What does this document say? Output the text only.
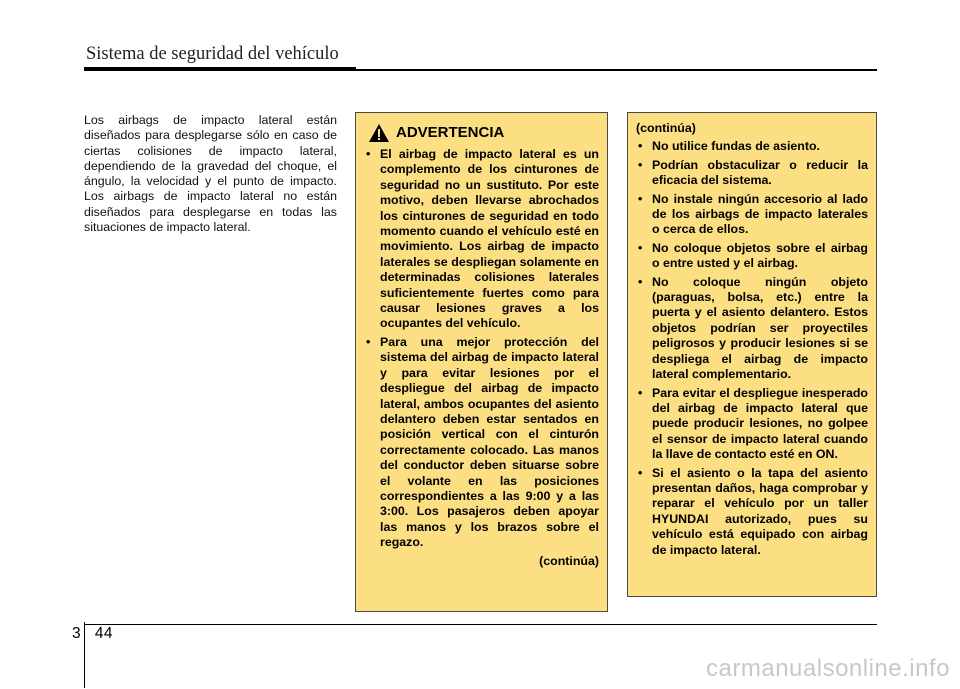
Sistema de seguridad del vehículo
Los airbags de impacto lateral están diseñados para desplegarse sólo en caso de ciertas colisiones de impacto lateral, dependiendo de la gravedad del choque, el ángulo, la velocidad y el punto de impacto. Los airbags de impacto lateral no están diseñados para desplegarse en todas las situaciones de impacto lateral.
ADVERTENCIA
• El airbag de impacto lateral es un complemento de los cinturones de seguridad no un sustituto. Por este motivo, deben llevarse abrochados los cinturones de seguridad en todo momento cuando el vehículo esté en movimiento. Los airbag de impacto laterales se despliegan solamente en determinadas colisiones laterales suficientemente fuertes como para causar lesiones graves a los ocupantes del vehículo.
• Para una mejor protección del sistema del airbag de impacto lateral y para evitar lesiones por el despliegue del airbag de impacto lateral, ambos ocupantes del asiento delantero deben estar sentados en posición vertical con el cinturón correctamente colocado. Las manos del conductor deben situarse sobre el volante en las posiciones correspondientes a las 9:00 y a las 3:00. Los pasajeros deben apoyar las manos y los brazos sobre el regazo.
(continúa)
(continúa)
• No utilice fundas de asiento.
• Podrían obstaculizar o reducir la eficacia del sistema.
• No instale ningún accesorio al lado de los airbags de impacto laterales o cerca de ellos.
• No coloque objetos sobre el airbag o entre usted y el airbag.
• No coloque ningún objeto (paraguas, bolsa, etc.) entre la puerta y el asiento delantero. Estos objetos podrían ser proyectiles peligrosos y producir lesiones si se despliega el airbag de impacto lateral complementario.
• Para evitar el despliegue inesperado del airbag de impacto lateral que puede producir lesiones, no golpee el sensor de impacto lateral cuando la llave de contacto esté en ON.
• Si el asiento o la tapa del asiento presentan daños, haga comprobar y reparar el vehículo por un taller HYUNDAI autorizado, pues su vehículo está equipado con airbag de impacto lateral.
3 44
carmanualsonline.info
